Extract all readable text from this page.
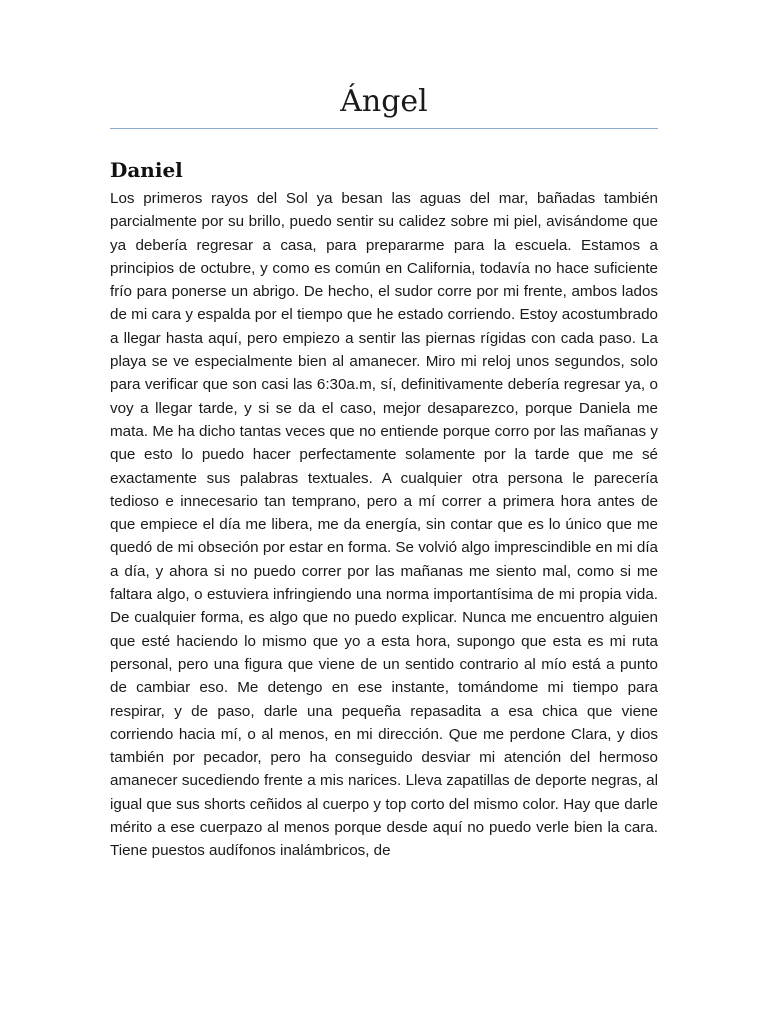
Ángel
Daniel

Los primeros rayos del Sol ya besan las aguas del mar, bañadas también parcialmente por su brillo, puedo sentir su calidez sobre mi piel, avisándome que ya debería regresar a casa, para prepararme para la escuela. Estamos a principios de octubre, y como es común en California, todavía no hace suficiente frío para ponerse un abrigo. De hecho, el sudor corre por mi frente, ambos lados de mi cara y espalda por el tiempo que he estado corriendo. Estoy acostumbrado a llegar hasta aquí, pero empiezo a sentir las piernas rígidas con cada paso. La playa se ve especialmente bien al amanecer. Miro mi reloj unos segundos, solo para verificar que son casi las 6:30a.m, sí, definitivamente debería regresar ya, o voy a llegar tarde, y si se da el caso, mejor desaparezco, porque Daniela me mata. Me ha dicho tantas veces que no entiende porque corro por las mañanas y que esto lo puedo hacer perfectamente solamente por la tarde que me sé exactamente sus palabras textuales. A cualquier otra persona le parecería tedioso e innecesario tan temprano, pero a mí correr a primera hora antes de que empiece el día me libera, me da energía, sin contar que es lo único que me quedó de mi obseción por estar en forma. Se volvió algo imprescindible en mi día a día, y ahora si no puedo correr por las mañanas me siento mal, como si me faltara algo, o estuviera infringiendo una norma importantísima de mi propia vida. De cualquier forma, es algo que no puedo explicar. Nunca me encuentro alguien que esté haciendo lo mismo que yo a esta hora, supongo que esta es mi ruta personal, pero una figura que viene de un sentido contrario al mío está a punto de cambiar eso. Me detengo en ese instante, tomándome mi tiempo para respirar, y de paso, darle una pequeña repasadita a esa chica que viene corriendo hacia mí, o al menos, en mi dirección. Que me perdone Clara, y dios también por pecador, pero ha conseguido desviar mi atención del hermoso amanecer sucediendo frente a mis narices. Lleva zapatillas de deporte negras, al igual que sus shorts ceñidos al cuerpo y top corto del mismo color. Hay que darle mérito a ese cuerpazo al menos porque desde aquí no puedo verle bien la cara. Tiene puestos audífonos inalámbricos, de
